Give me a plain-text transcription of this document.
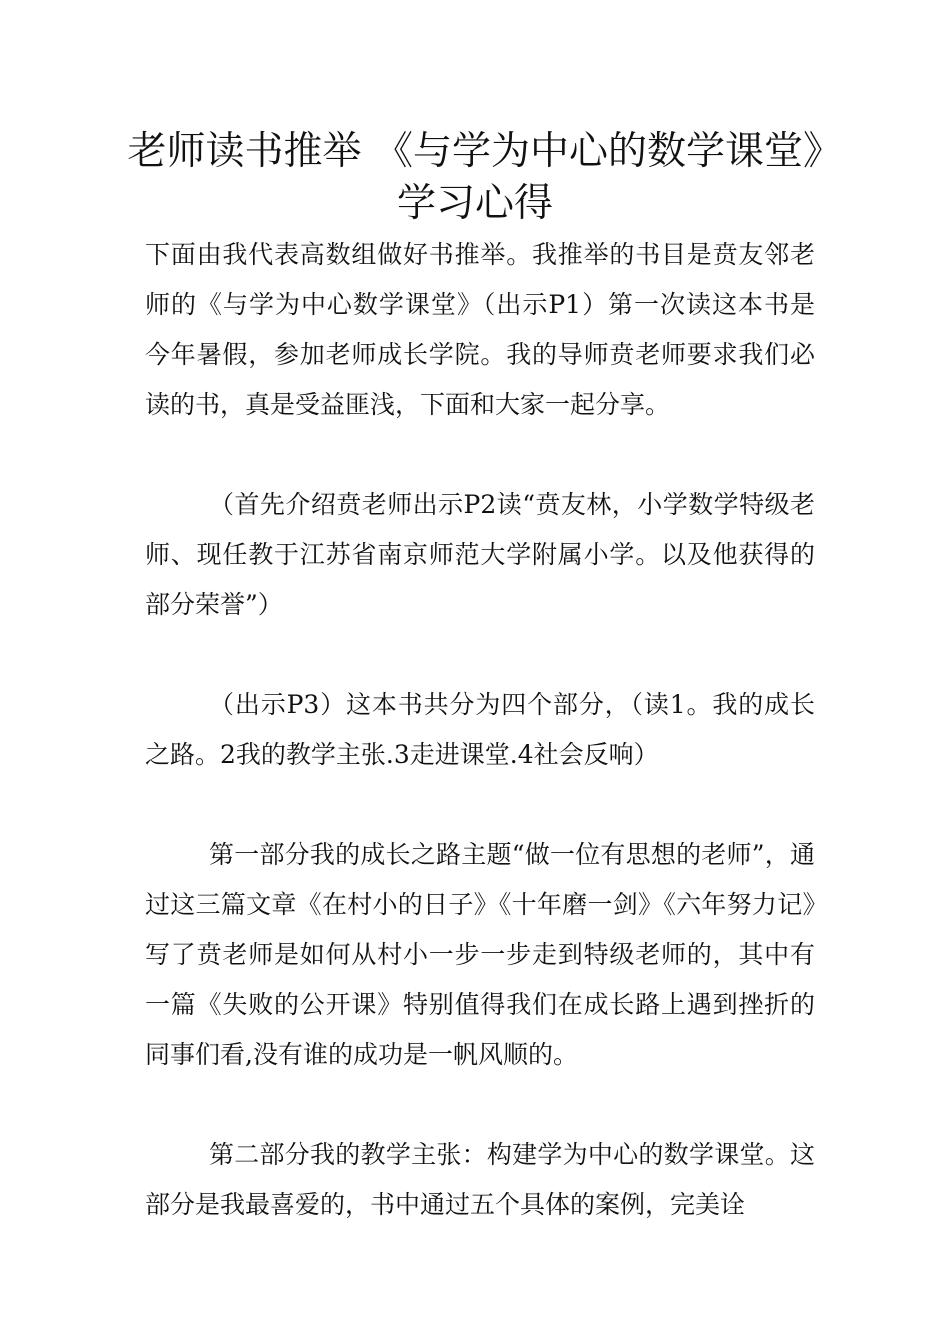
老师读书推举 《与学为中心的数学课堂》学习心得

下面由我代表高数组做好书推举。我推举的书目是贲友邻老师的《与学为中心数学课堂》（出示P1）第一次读这本书是今年暑假，参加老师成长学院。我的导师贲老师要求我们必读的书，真是受益匪浅，下面和大家一起分享。

（首先介绍贲老师出示P2读“贲友林，小学数学特级老师、现任教于江苏省南京师范大学附属小学。以及他获得的部分荣誉”）

（出示P3）这本书共分为四个部分，（读1。我的成长之路。2我的教学主张.3走进课堂.4社会反响）

第一部分我的成长之路主题“做一位有思想的老师”，通过这三篇文章《在村小的日子》《十年磨一剑》《六年努力记》写了贲老师是如何从村小一步一步走到特级老师的，其中有一篇《失败的公开课》特别值得我们在成长路上遇到挫折的同事们看,没有谁的成功是一帆风顺的。

第二部分我的教学主张：构建学为中心的数学课堂。这部分是我最喜爱的，书中通过五个具体的案例，完美诠
